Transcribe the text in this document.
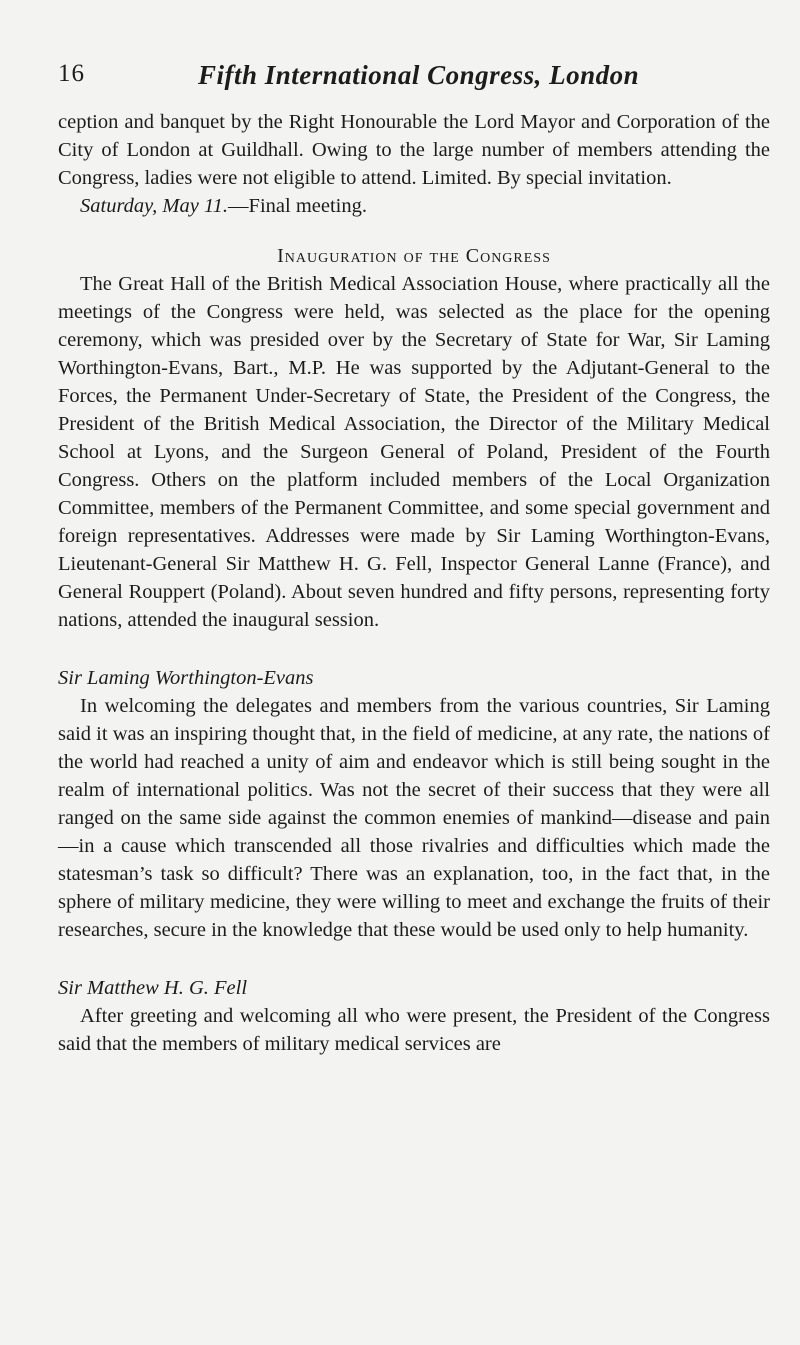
16	Fifth International Congress, London

ception and banquet by the Right Honourable the Lord Mayor and Corporation of the City of London at Guildhall. Owing to the large number of members attending the Congress, ladies were not eligible to attend. Limited. By special invitation.

Saturday, May 11.—Final meeting.

Inauguration of the Congress

The Great Hall of the British Medical Association House, where practically all the meetings of the Congress were held, was selected as the place for the opening ceremony, which was presided over by the Secretary of State for War, Sir Laming Worthington-Evans, Bart., M.P. He was supported by the Adjutant-General to the Forces, the Permanent Under-Secretary of State, the President of the Congress, the President of the British Medical Association, the Director of the Military Medical School at Lyons, and the Surgeon General of Poland, President of the Fourth Congress. Others on the platform included members of the Local Organization Committee, members of the Permanent Committee, and some special government and foreign representatives. Addresses were made by Sir Laming Worthington-Evans, Lieutenant-General Sir Matthew H. G. Fell, Inspector General Lanne (France), and General Rouppert (Poland). About seven hundred and fifty persons, representing forty nations, attended the inaugural session.

Sir Laming Worthington-Evans

In welcoming the delegates and members from the various countries, Sir Laming said it was an inspiring thought that, in the field of medicine, at any rate, the nations of the world had reached a unity of aim and endeavor which is still being sought in the realm of international politics. Was not the secret of their success that they were all ranged on the same side against the common enemies of mankind—disease and pain—in a cause which transcended all those rivalries and difficulties which made the statesman’s task so difficult? There was an explanation, too, in the fact that, in the sphere of military medicine, they were willing to meet and exchange the fruits of their researches, secure in the knowledge that these would be used only to help humanity.

Sir Matthew H. G. Fell

After greeting and welcoming all who were present, the President of the Congress said that the members of military medical services are
